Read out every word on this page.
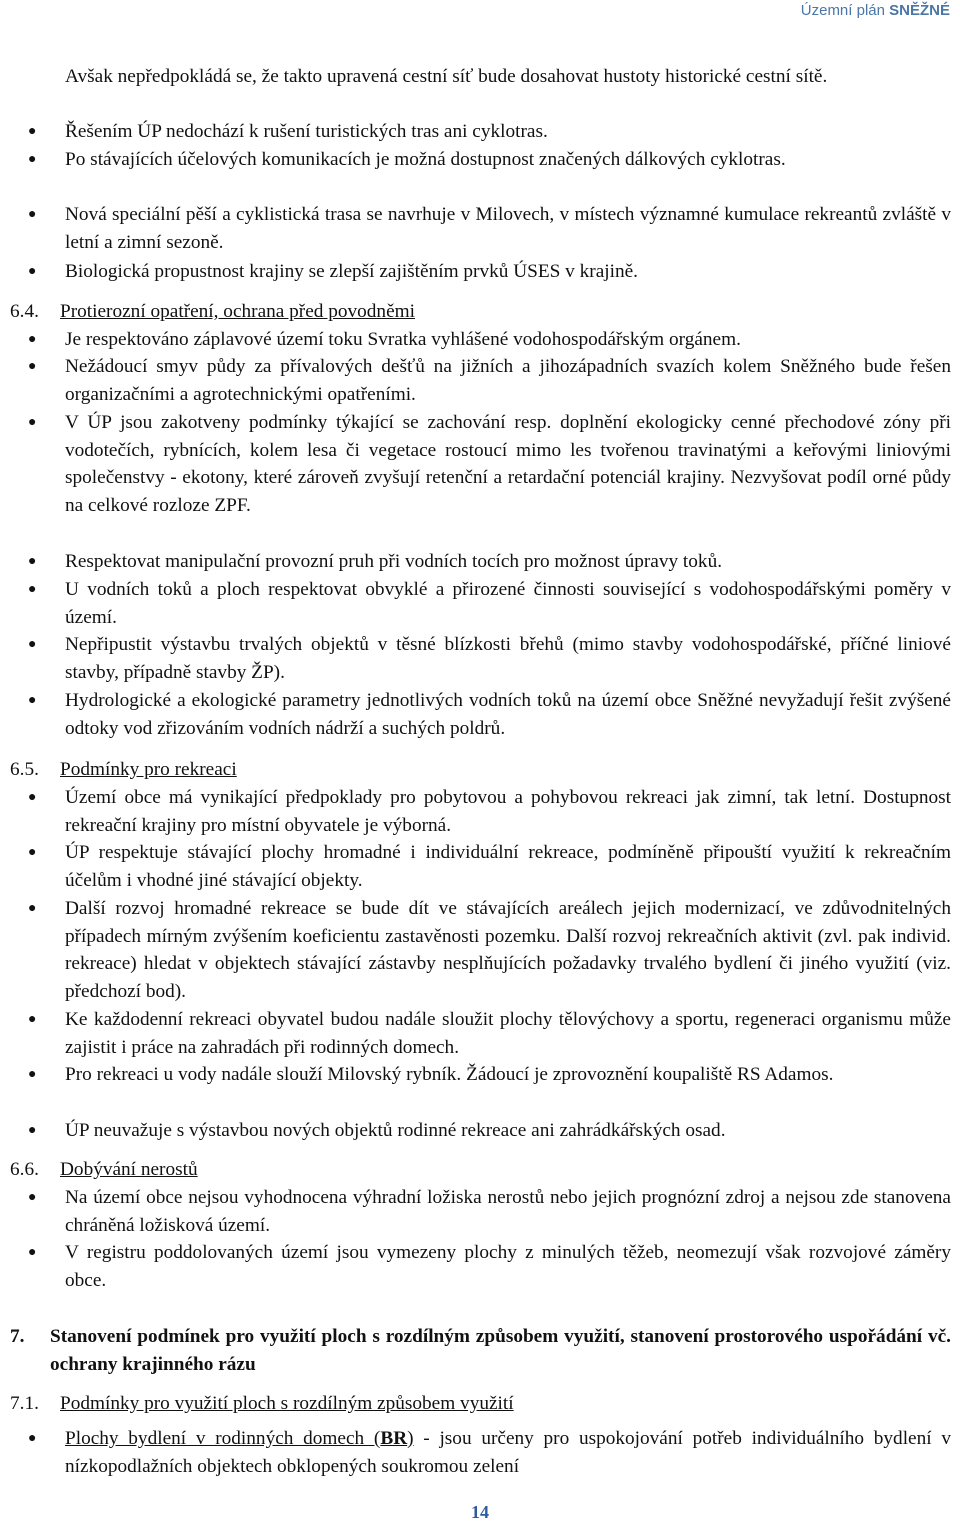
Územní plán SNĚŽNÉ
Avšak nepředpokládá se, že takto upravená cestní síť bude dosahovat hustoty historické cestní sítě.
● Řešením ÚP nedochází k rušení turistických tras ani cyklotras.
● Po stávajících účelových komunikacích je možná dostupnost značených dálkových cyklotras.
● Nová speciální pěší a cyklistická trasa se navrhuje v Milovech, v místech významné kumulace rekreantů zvláště v letní a zimní sezoně.
● Biologická propustnost krajiny se zlepší zajištěním prvků ÚSES v krajině.
6.4. Protierozní opatření, ochrana před povodněmi
● Je respektováno záplavové území toku Svratka vyhlášené vodohospodářským orgánem.
● Nežádoucí smyv půdy za přívalových dešťů na jižních a jihozápadních svazích kolem Sněžného bude řešen organizačními a agrotechnickými opatřeními.
● V ÚP jsou zakotveny podmínky týkající se zachování resp. doplnění ekologicky cenné přechodové zóny při vodotečích, rybnících, kolem lesa či vegetace rostoucí mimo les tvořenou travinatými a keřovými liniovými společenstvy - ekotony, které zároveň zvyšují retenční a retardační potenciál krajiny. Nezvyšovat podíl orné půdy na celkové rozloze ZPF.
● Respektovat manipulační provozní pruh při vodních tocích pro možnost úpravy toků.
● U vodních toků a ploch respektovat obvyklé a přirozené činnosti související s vodohospodářskými poměry v území.
● Nepřipustit výstavbu trvalých objektů v těsné blízkosti břehů (mimo stavby vodohospodářské, příčné liniové stavby, případně stavby ŽP).
● Hydrologické a ekologické parametry jednotlivých vodních toků na území obce Sněžné nevyžadují řešit zvýšené odtoky vod zřizováním vodních nádrží a suchých poldrů.
6.5. Podmínky pro rekreaci
● Území obce má vynikající předpoklady pro pobytovou a pohybovou rekreaci jak zimní, tak letní. Dostupnost rekreační krajiny pro místní obyvatele je výborná.
● ÚP respektuje stávající plochy hromadné i individuální rekreace, podmíněně připouští využití k rekreačním účelům i vhodné jiné stávající objekty.
● Další rozvoj hromadné rekreace se bude dít ve stávajících areálech jejich modernizací, ve zdůvodnitelných případech mírným zvýšením koeficientu zastavěnosti pozemku. Další rozvoj rekreačních aktivit (zvl. pak individ. rekreace) hledat v objektech stávající zástavby nesplňujících požadavky trvalého bydlení či jiného využití (viz. předchozí bod).
● Ke každodenní rekreaci obyvatel budou nadále sloužit plochy tělovýchovy a sportu, regeneraci organismu může zajistit i práce na zahradách při rodinných domech.
● Pro rekreaci u vody nadále slouží Milovský rybník. Žádoucí je zprovoznění koupaliště RS Adamos.
● ÚP neuvažuje s výstavbou nových objektů rodinné rekreace ani zahrádkářských osad.
6.6. Dobývání nerostů
● Na území obce nejsou vyhodnocena výhradní ložiska nerostů nebo jejich prognózní zdroj a nejsou zde stanovena chráněná ložisková území.
● V registru poddolovaných území jsou vymezeny plochy z minulých těžeb, neomezují však rozvojové záměry obce.
7. Stanovení podmínek pro využití ploch s rozdílným způsobem využití, stanovení prostorového uspořádání vč. ochrany krajinného rázu
7.1. Podmínky pro využití ploch s rozdílným způsobem využití
● Plochy bydlení v rodinných domech (BR) - jsou určeny pro uspokojování potřeb individuálního bydlení v nízkopodlažních objektech obklopených soukromou zelení
14
